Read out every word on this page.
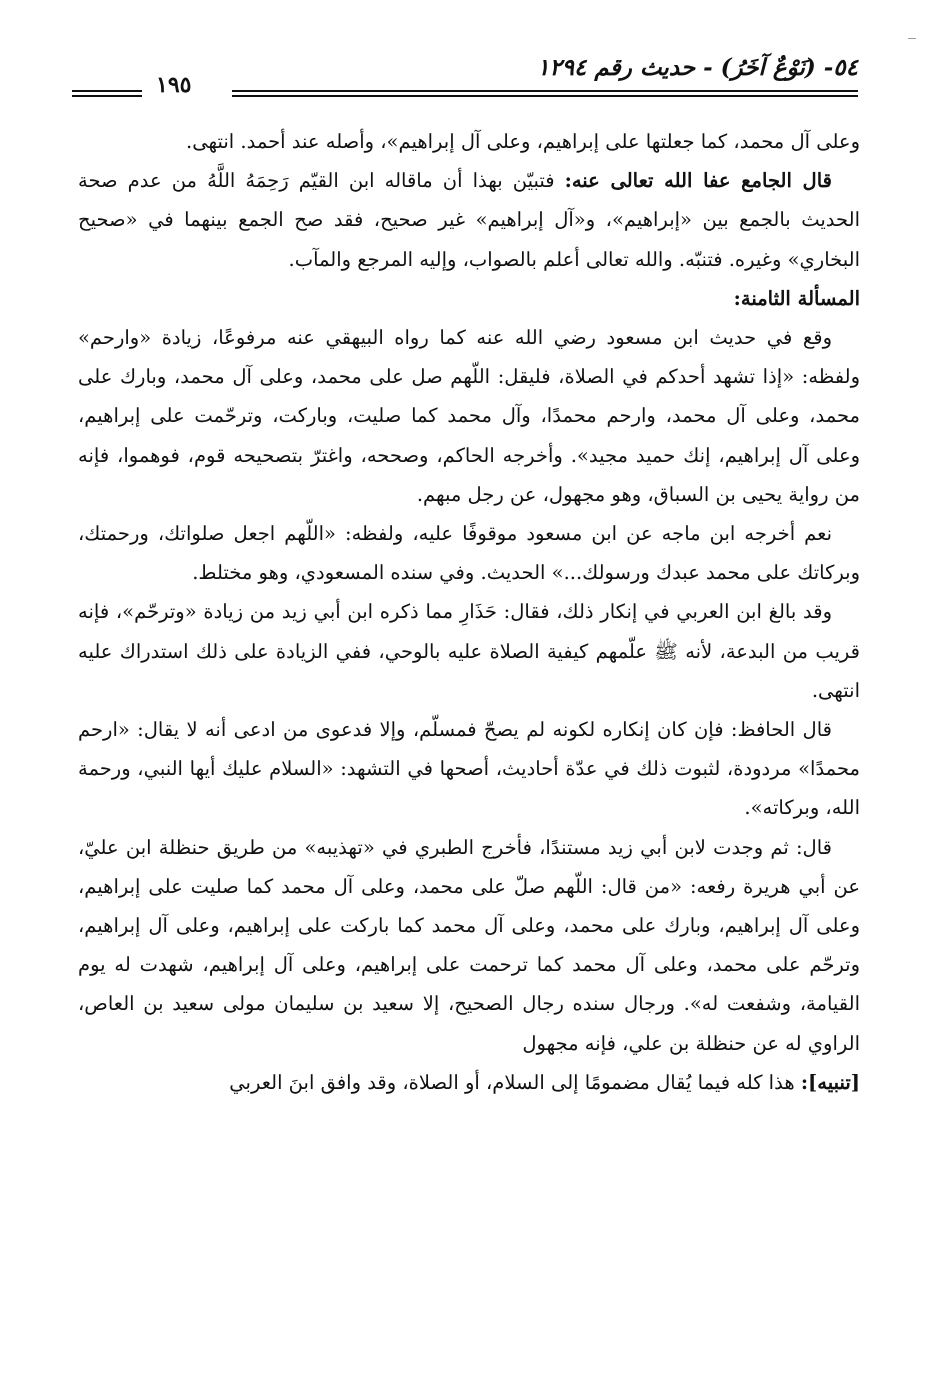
٥٤- (نَوْعٌ آخَرُ) - حديث رقم ١٢٩٤
١٩٥

وعلى آل محمد، كما جعلتها على إبراهيم، وعلى آل إبراهيم»، وأصله عند أحمد. انتهى.

قال الجامع عفا الله تعالى عنه: فتبيّن بهذا أن ماقاله ابن القيّم رَحِمَهُ اللَّهُ من عدم صحة الحديث بالجمع بين «إبراهيم»، و«آل إبراهيم» غير صحيح، فقد صح الجمع بينهما في «صحيح البخاري» وغيره. فتنبّه. والله تعالى أعلم بالصواب، وإليه المرجع والمآب.

المسألة الثامنة:

وقع في حديث ابن مسعود رضي الله عنه كما رواه البيهقي عنه مرفوعًا، زيادة «وارحم» ولفظه: «إذا تشهد أحدكم في الصلاة، فليقل: اللّهم صل على محمد، وعلى آل محمد، وبارك على محمد، وعلى آل محمد، وارحم محمدًا، وآل محمد كما صليت، وباركت، وترحّمت على إبراهيم، وعلى آل إبراهيم، إنك حميد مجيد». وأخرجه الحاكم، وصححه، واغترّ بتصحيحه قوم، فوهموا، فإنه من رواية يحيى بن السباق، وهو مجهول، عن رجل مبهم.

نعم أخرجه ابن ماجه عن ابن مسعود موقوفًا عليه، ولفظه: «اللّهم اجعل صلواتك، ورحمتك، وبركاتك على محمد عبدك ورسولك...» الحديث. وفي سنده المسعودي، وهو مختلط.

وقد بالغ ابن العربي في إنكار ذلك، فقال: حَذَارِ مما ذكره ابن أبي زيد من زيادة «وترحّم»، فإنه قريب من البدعة، لأنه ﷺ علّمهم كيفية الصلاة عليه بالوحي، ففي الزيادة على ذلك استدراك عليه انتهى.

قال الحافظ: فإن كان إنكاره لكونه لم يصحّ فمسلّم، وإلا فدعوى من ادعى أنه لا يقال: «ارحم محمدًا» مردودة، لثبوت ذلك في عدّة أحاديث، أصحها في التشهد: «السلام عليك أيها النبي، ورحمة الله، وبركاته».

قال: ثم وجدت لابن أبي زيد مستندًا، فأخرج الطبري في «تهذيبه» من طريق حنظلة ابن عليّ، عن أبي هريرة رفعه: «من قال: اللّهم صلّ على محمد، وعلى آل محمد كما صليت على إبراهيم، وعلى آل إبراهيم، وبارك على محمد، وعلى آل محمد كما باركت على إبراهيم، وعلى آل إبراهيم، وترحّم على محمد، وعلى آل محمد كما ترحمت على إبراهيم، وعلى آل إبراهيم، شهدت له يوم القيامة، وشفعت له». ورجال سنده رجال الصحيح، إلا سعيد بن سليمان مولى سعيد بن العاص، الراوي له عن حنظلة بن علي، فإنه مجهول

[تنبيه]: هذا كله فيما يُقال مضمومًا إلى السلام، أو الصلاة، وقد وافق ابنَ العربي
